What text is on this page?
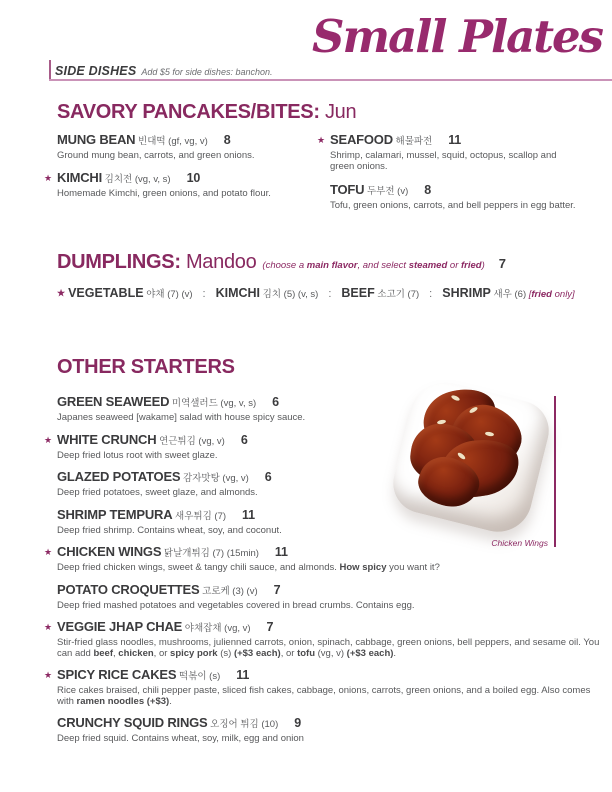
SIDE DISHES Add $5 for side dishes: banchon.
Small Plates
SAVORY PANCAKES/BITES: Jun
MUNG BEAN 빈대떡 (gf, vg, v) 8
Ground mung bean, carrots, and green onions.
★ KIMCHI 김치전 (vg, v, s) 10
Homemade Kimchi, green onions, and potato flour.
★ SEAFOOD 해물파전 11
Shrimp, calamari, mussel, squid, octopus, scallop and green onions.
TOFU 두부전 (v) 8
Tofu, green onions, carrots, and bell peppers in egg batter.
DUMPLINGS: Mandoo (choose a main flavor, and select steamed or fried) 7
★ VEGETABLE 야채 (7) (v) : KIMCHI 김치 (5) (v, s) : BEEF 소고기 (7) : SHRIMP 새우 (6) [fried only]
OTHER STARTERS
GREEN SEAWEED 미역샐러드 (vg, v, s) 6
Japanes seaweed [wakame] salad with house spicy sauce.
★ WHITE CRUNCH 연근튀김 (vg, v) 6
Deep fried lotus root with sweet glaze.
GLAZED POTATOES 감자맛탕 (vg, v) 6
Deep fried potatoes, sweet glaze, and almonds.
SHRIMP TEMPURA 새우튀김 (7) 11
Deep fried shrimp. Contains wheat, soy, and coconut.
★ CHICKEN WINGS 닭날개튀김 (7) (15min) 11
Deep fried chicken wings, sweet & tangy chili sauce, and almonds. How spicy you want it?
POTATO CROQUETTES 고로케 (3) (v) 7
Deep fried mashed potatoes and vegetables covered in bread crumbs. Contains egg.
★ VEGGIE JHAP CHAE 야채잡채 (vg, v) 7
Stir-fried glass noodles, mushrooms, julienned carrots, onion, spinach, cabbage, green onions, bell peppers, and sesame oil. You can add beef, chicken, or spicy pork (s) (+$3 each), or tofu (vg, v) (+$3 each).
★ SPICY RICE CAKES 떡볶이 (s) 11
Rice cakes braised, chili pepper paste, sliced fish cakes, cabbage, onions, carrots, green onions, and a boiled egg. Also comes with ramen noodles (+$3).
CRUNCHY SQUID RINGS 오징어 튀김 (10) 9
Deep fried squid. Contains wheat, soy, milk, egg and onion
Chicken Wings
